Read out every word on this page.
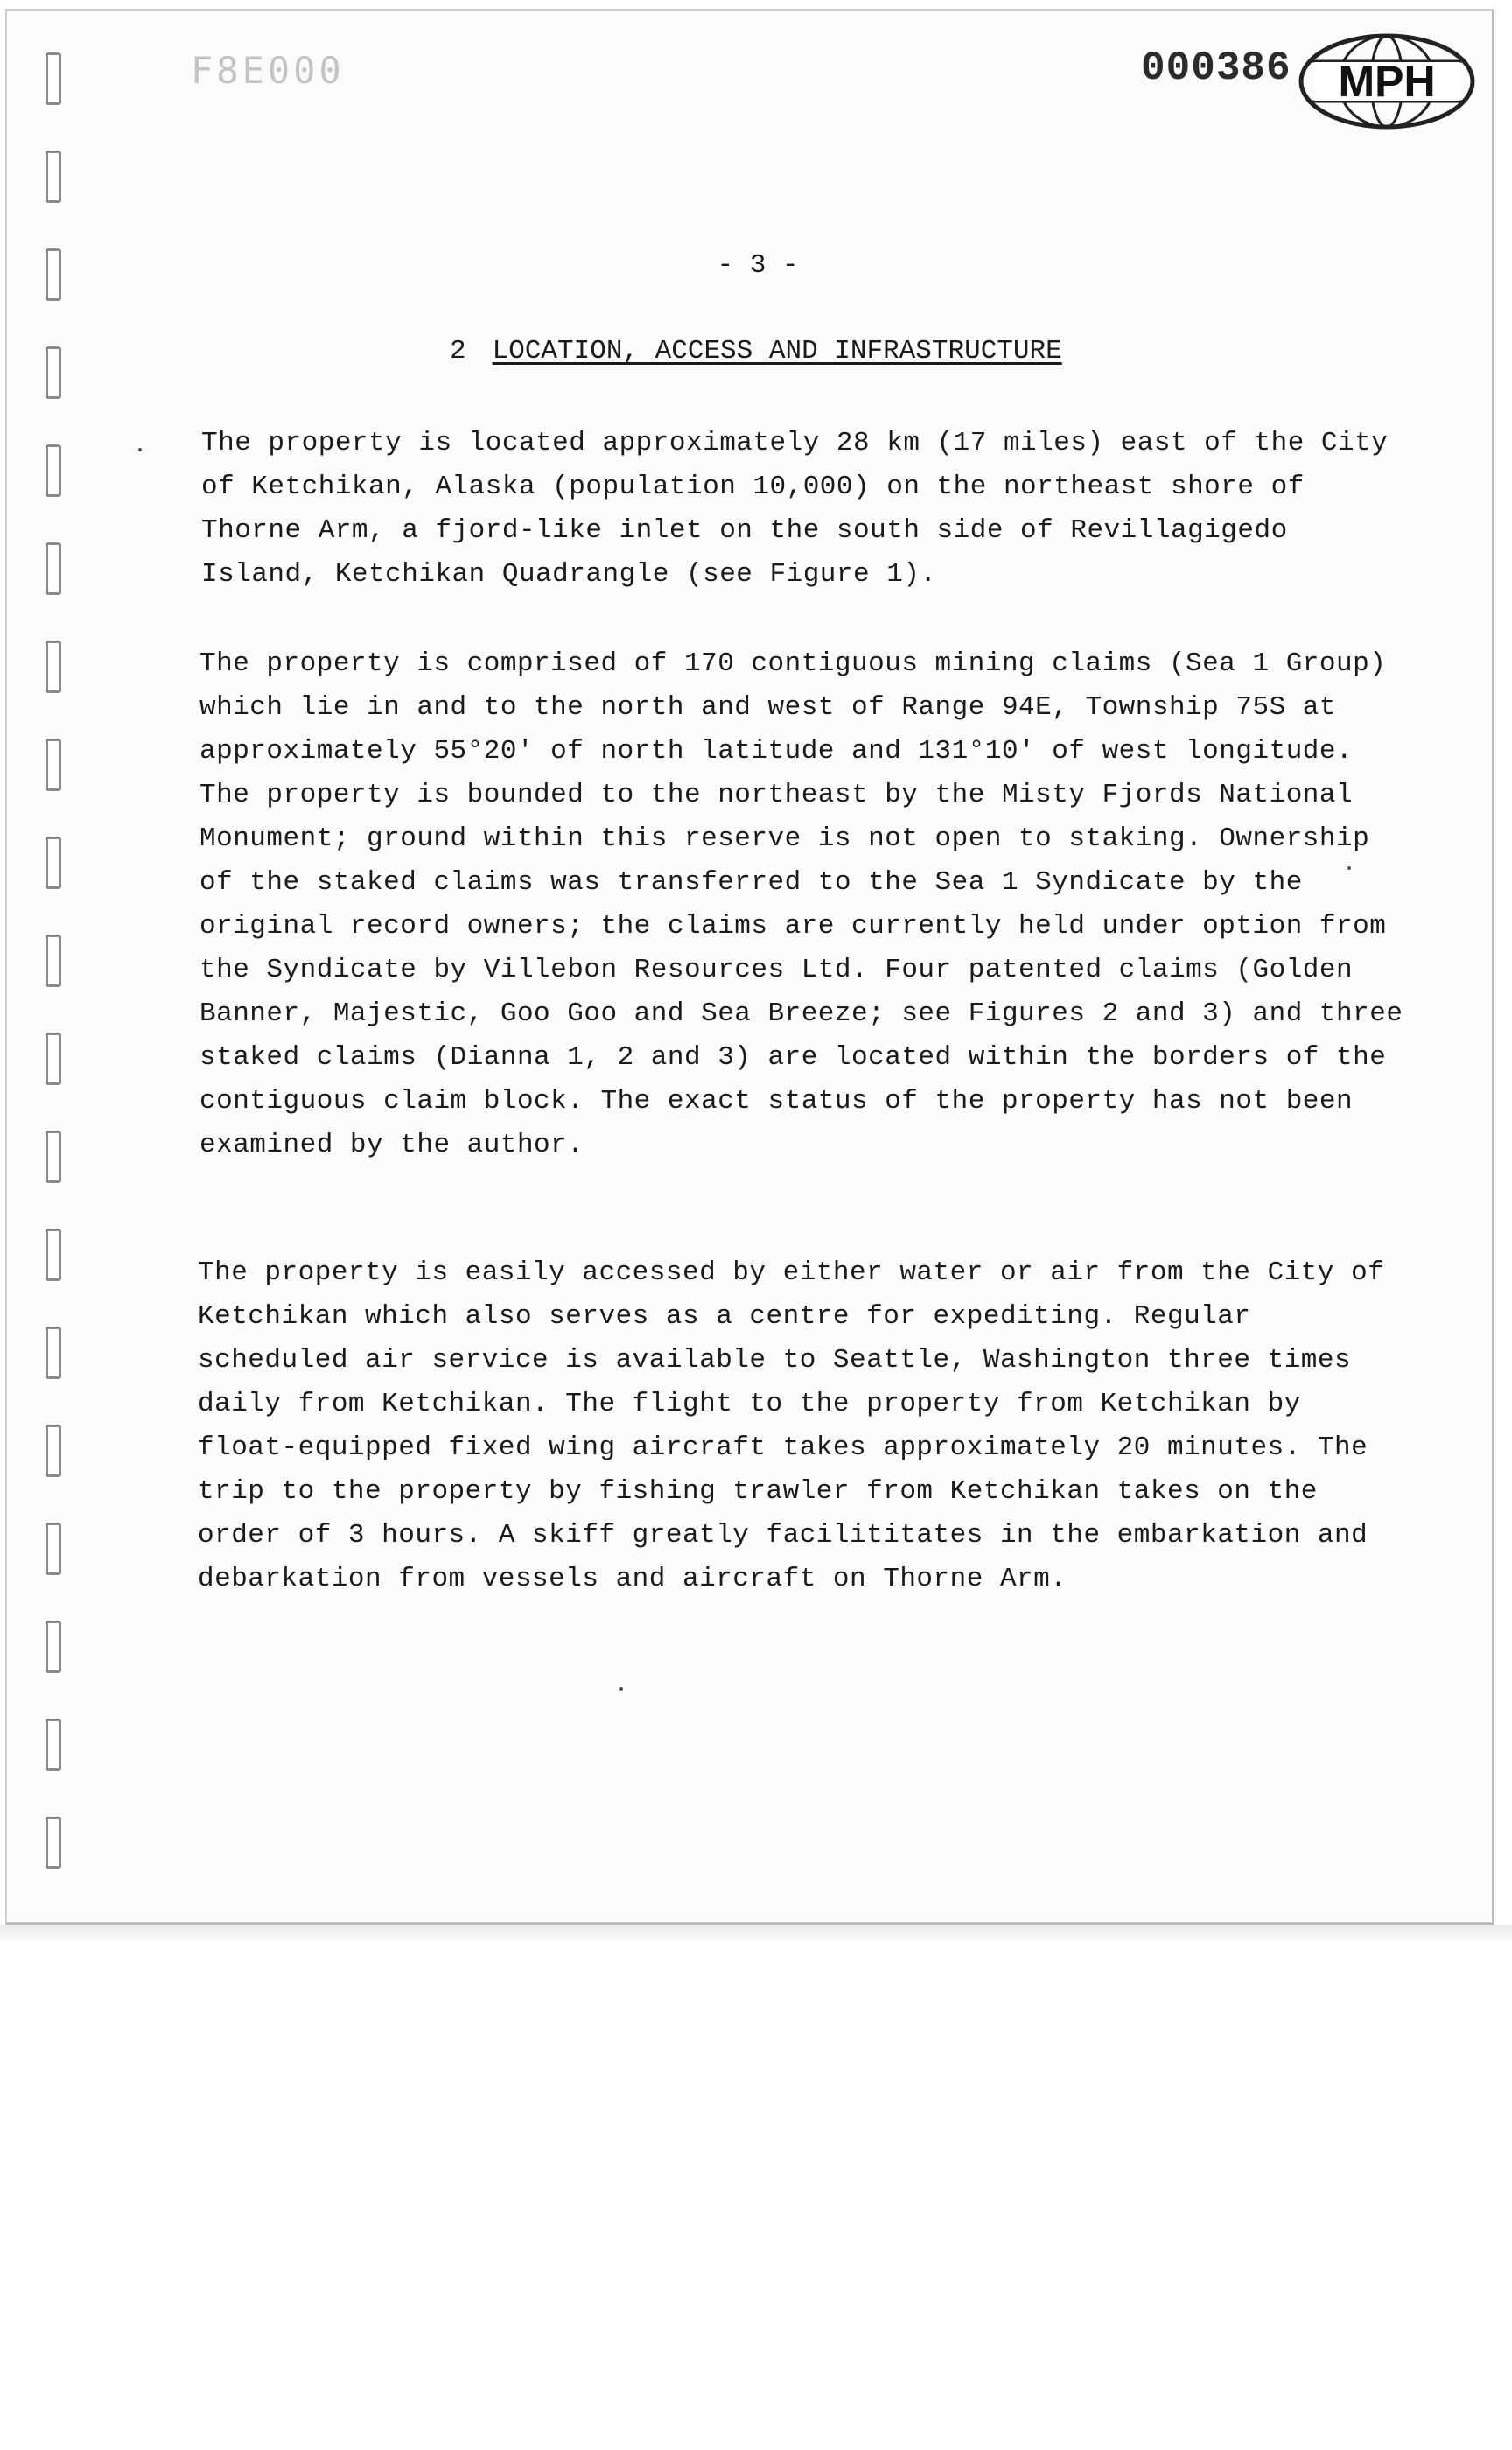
F8E000	000386 MPH
- 3 -
2 LOCATION, ACCESS AND INFRASTRUCTURE
The property is located approximately 28 km (17 miles) east of the City of Ketchikan, Alaska (population 10,000) on the northeast shore of Thorne Arm, a fjord-like inlet on the south side of Revillagigedo Island, Ketchikan Quadrangle (see Figure 1).
The property is comprised of 170 contiguous mining claims (Sea 1 Group) which lie in and to the north and west of Range 94E, Township 75S at approximately 55°20' of north latitude and 131°10' of west longitude. The property is bounded to the northeast by the Misty Fjords National Monument; ground within this reserve is not open to staking. Ownership of the staked claims was transferred to the Sea 1 Syndicate by the original record owners; the claims are currently held under option from the Syndicate by Villebon Resources Ltd. Four patented claims (Golden Banner, Majestic, Goo Goo and Sea Breeze; see Figures 2 and 3) and three staked claims (Dianna 1, 2 and 3) are located within the borders of the contiguous claim block. The exact status of the property has not been examined by the author.
The property is easily accessed by either water or air from the City of Ketchikan which also serves as a centre for expediting. Regular scheduled air service is available to Seattle, Washington three times daily from Ketchikan. The flight to the property from Ketchikan by float-equipped fixed wing aircraft takes approximately 20 minutes. The trip to the property by fishing trawler from Ketchikan takes on the order of 3 hours. A skiff greatly facilititates in the embarkation and debarkation from vessels and aircraft on Thorne Arm.
